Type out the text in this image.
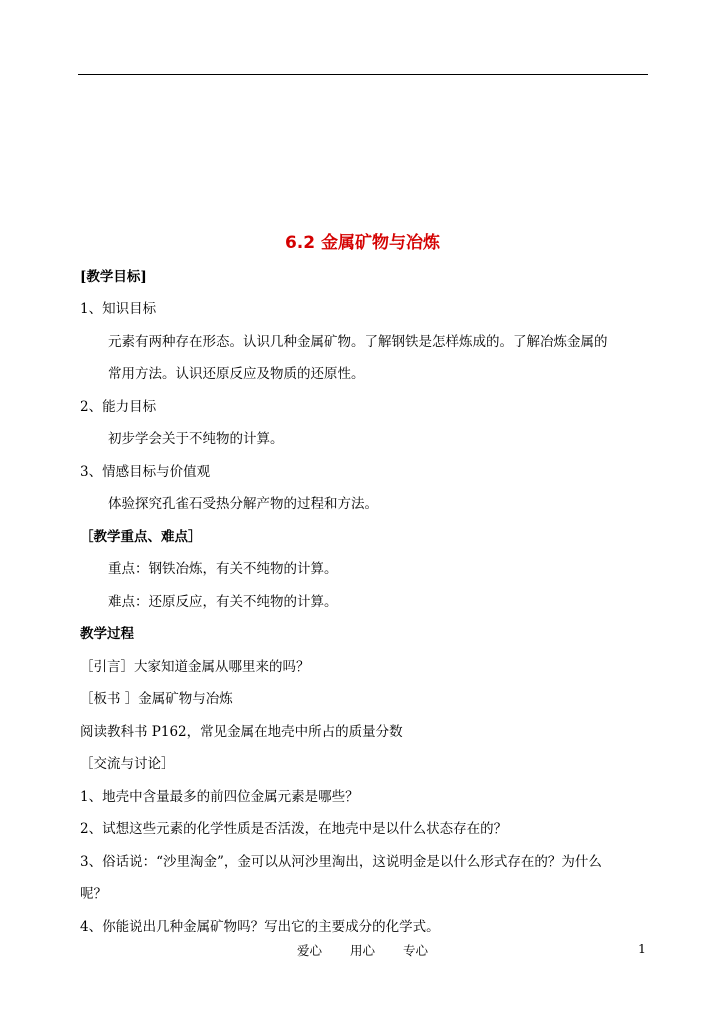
6.2 金属矿物与冶炼
[教学目标]
1、知识目标
元素有两种存在形态。认识几种金属矿物。了解钢铁是怎样炼成的。了解冶炼金属的
常用方法。认识还原反应及物质的还原性。
2、能力目标
初步学会关于不纯物的计算。
3、情感目标与价值观
体验探究孔雀石受热分解产物的过程和方法。
［教学重点、难点］
重点：钢铁冶炼，有关不纯物的计算。
难点：还原反应，有关不纯物的计算。
教学过程
［引言］大家知道金属从哪里来的吗？
［板书 ］金属矿物与冶炼
阅读教科书 P162，常见金属在地壳中所占的质量分数
［交流与讨论］
1、地壳中含量最多的前四位金属元素是哪些？
2、试想这些元素的化学性质是否活泼，在地壳中是以什么状态存在的？
3、俗话说：“沙里淘金”，金可以从河沙里淘出，这说明金是以什么形式存在的？为什么
呢？
4、你能说出几种金属矿物吗？写出它的主要成分的化学式。
爱心 用心 专心	1
